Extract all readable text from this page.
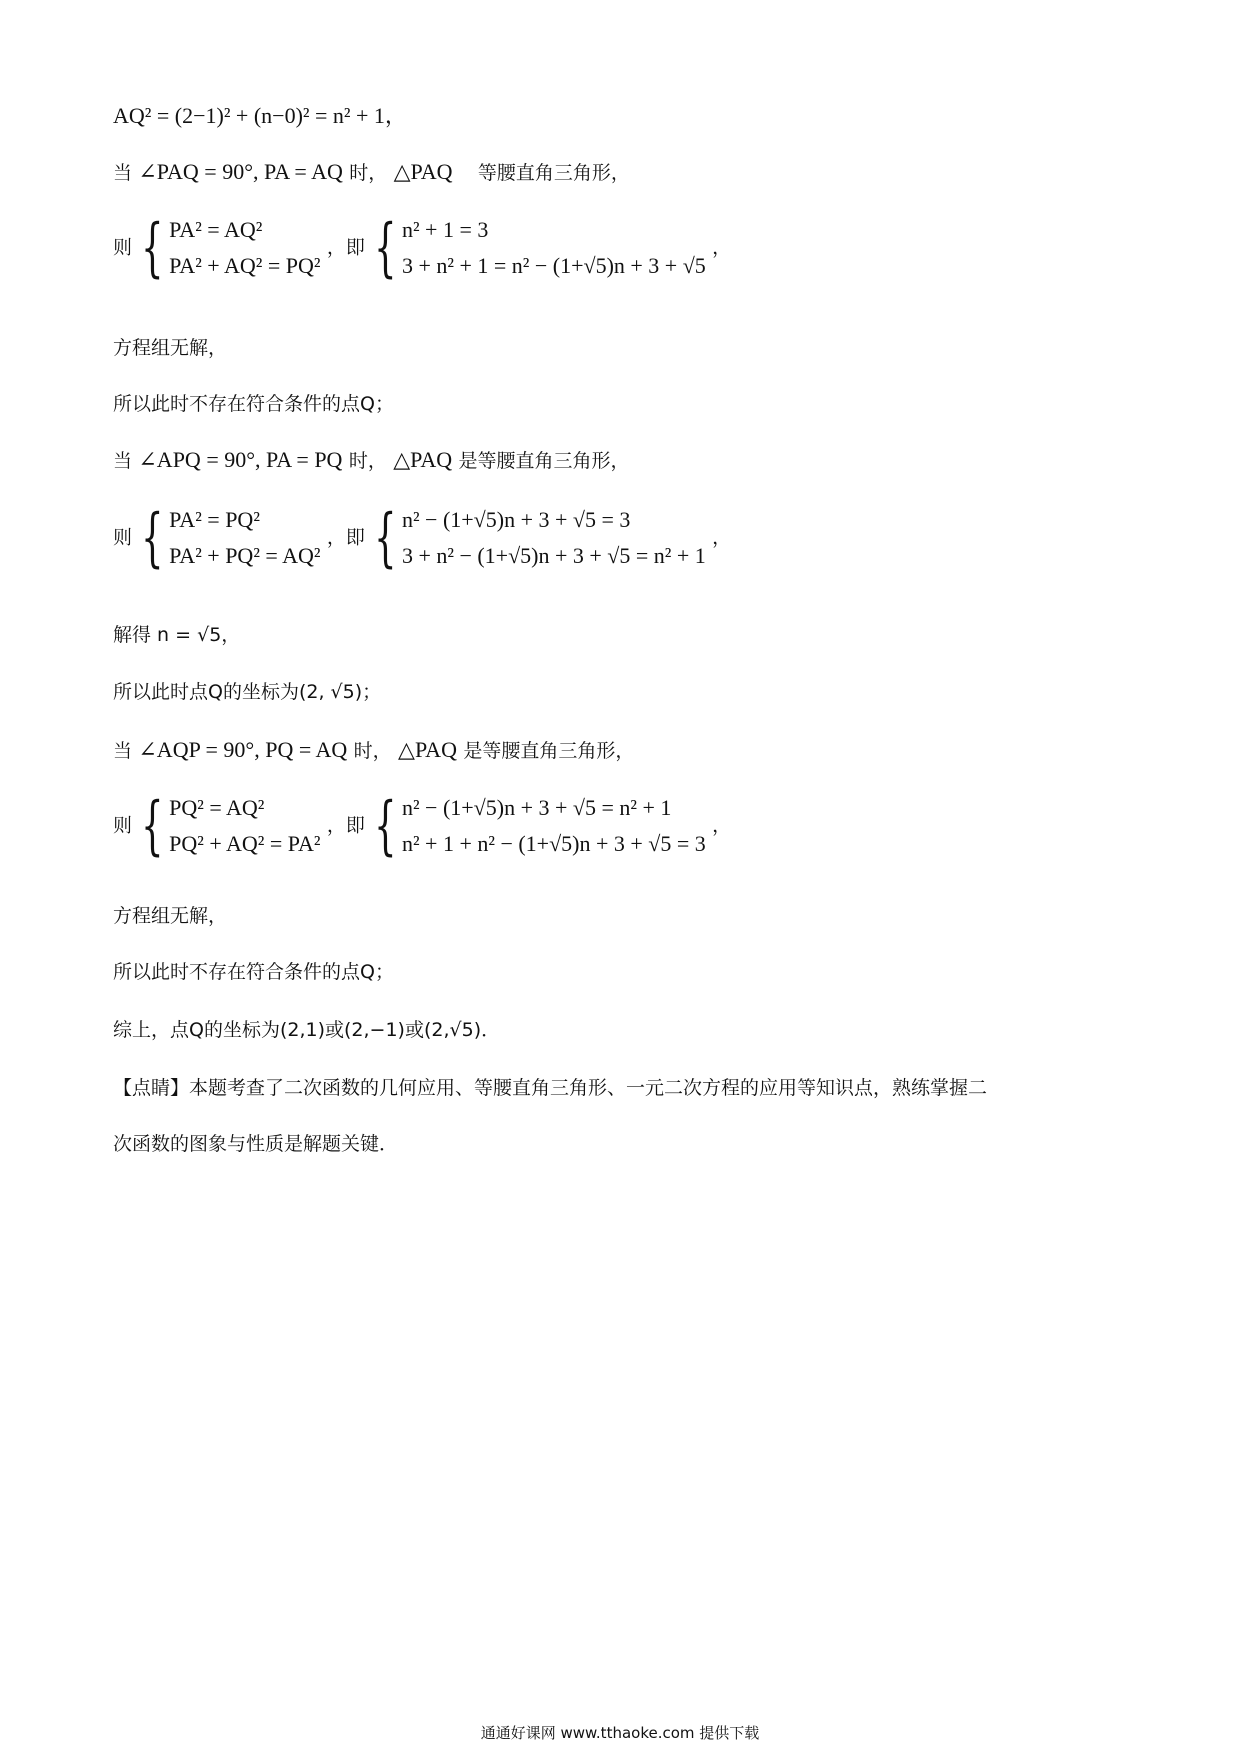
AQ² = (2−1)² + (n−0)² = n² + 1，
当 ∠PAQ = 90°, PA = AQ 时， △PAQ 　等腰直角三角形，
则 { PA² = AQ²
PA² + AQ² = PQ²
，即 { n² + 1 = 3
3 + n² + 1 = n² − (1+√5)n + 3 + √5
，
方程组无解，
所以此时不存在符合条件的点Q；
当 ∠APQ = 90°, PA = PQ 时， △PAQ 是等腰直角三角形，
则 { PA² = PQ²
PA² + PQ² = AQ²
，即 { n² − (1+√5)n + 3 + √5 = 3
3 + n² − (1+√5)n + 3 + √5 = n² + 1
，
解得 n = √5，
所以此时点Q的坐标为(2, √5)；
当 ∠AQP = 90°, PQ = AQ 时， △PAQ 是等腰直角三角形，
则 { PQ² = AQ²
PQ² + AQ² = PA²
，即 { n² − (1+√5)n + 3 + √5 = n² + 1
n² + 1 + n² − (1+√5)n + 3 + √5 = 3
，
方程组无解，
所以此时不存在符合条件的点Q；
综上，点Q的坐标为(2,1)或(2,−1)或(2,√5)．
【点睛】本题考查了二次函数的几何应用、等腰直角三角形、一元二次方程的应用等知识点，熟练掌握二
次函数的图象与性质是解题关键．
通通好课网 www.tthaoke.com 提供下载
